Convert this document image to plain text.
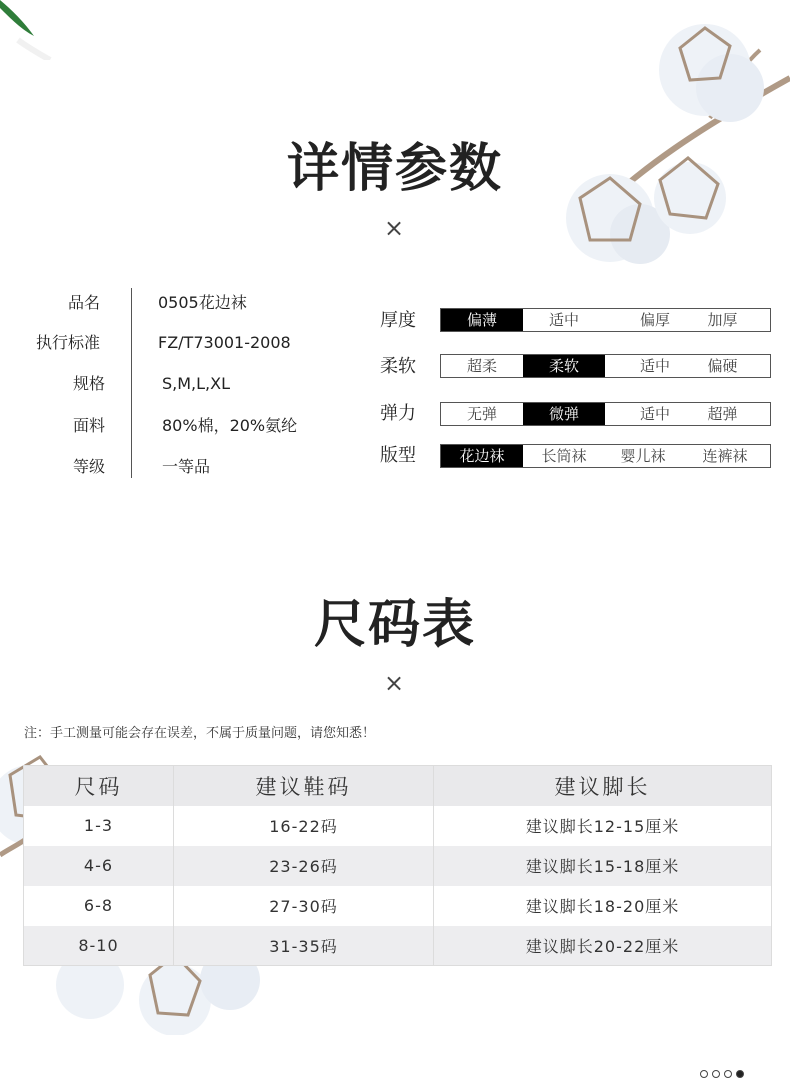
详情参数
×
品名	0505花边袜
执行标准	FZ/T73001-2008
规格	S,M,L,XL
面料	80%棉，20%氨纶
等级	一等品
厚度	偏薄	适中	偏厚	加厚
柔软	超柔	柔软	适中	偏硬
弹力	无弹	微弹	适中	超弹
版型	花边袜	长筒袜	婴儿袜	连裤袜
尺码表
×
注：手工测量可能会存在误差，不属于质量问题，请您知悉！
尺码	建议鞋码	建议脚长
1-3	16-22码	建议脚长12-15厘米
4-6	23-26码	建议脚长15-18厘米
6-8	27-30码	建议脚长18-20厘米
8-10	31-35码	建议脚长20-22厘米
